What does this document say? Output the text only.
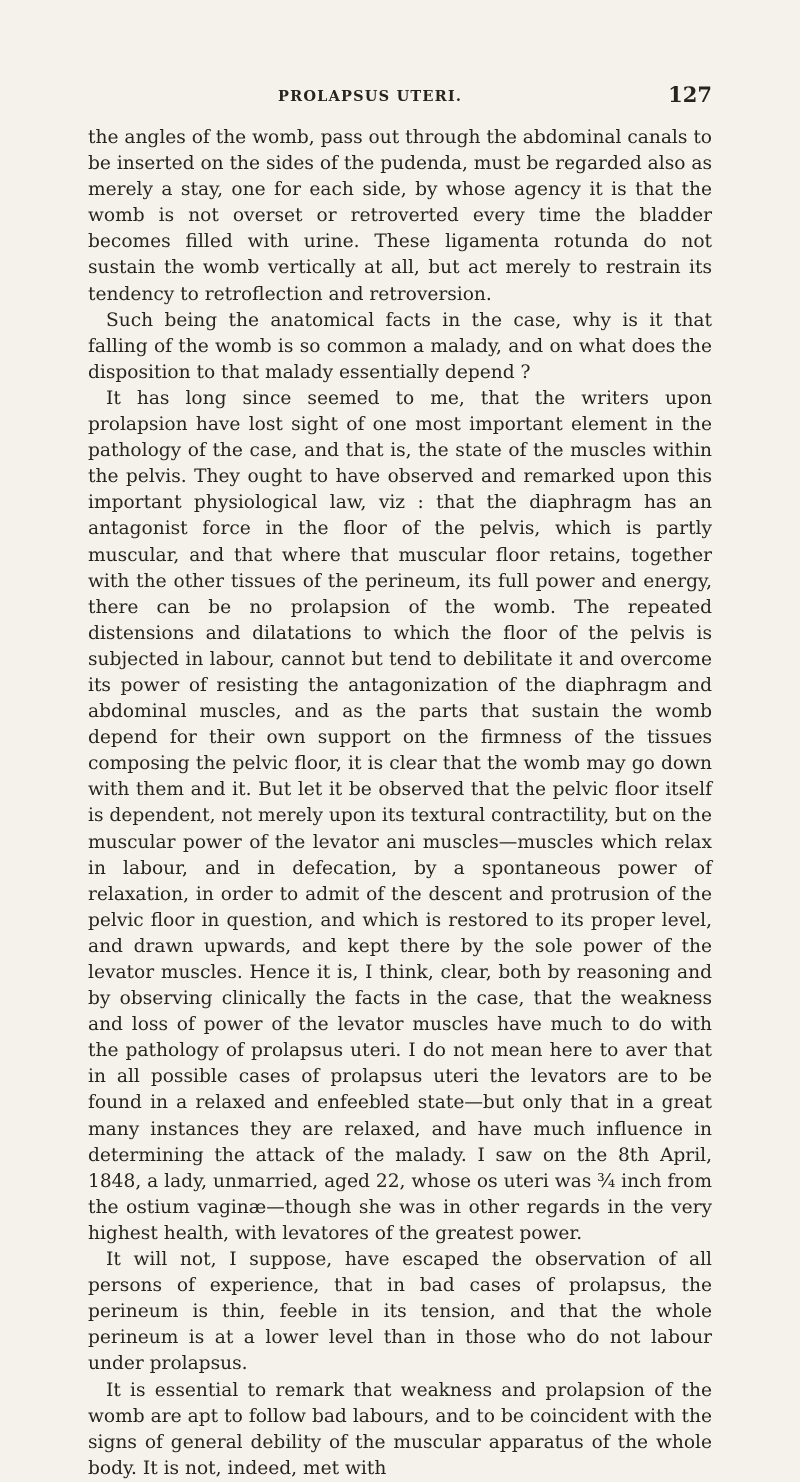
PROLAPSUS UTERI.	127

the angles of the womb, pass out through the abdominal canals to be inserted on the sides of the pudenda, must be regarded also as merely a stay, one for each side, by whose agency it is that the womb is not overset or retroverted every time the bladder becomes filled with urine. These ligamenta rotunda do not sustain the womb vertically at all, but act merely to restrain its tendency to retroflection and retroversion.

Such being the anatomical facts in the case, why is it that falling of the womb is so common a malady, and on what does the disposition to that malady essentially depend ?

It has long since seemed to me, that the writers upon prolapsion have lost sight of one most important element in the pathology of the case, and that is, the state of the muscles within the pelvis. They ought to have observed and remarked upon this important physiological law, viz : that the diaphragm has an antagonist force in the floor of the pelvis, which is partly muscular, and that where that muscular floor retains, together with the other tissues of the perineum, its full power and energy, there can be no prolapsion of the womb. The repeated distensions and dilatations to which the floor of the pelvis is subjected in labour, cannot but tend to debilitate it and overcome its power of resisting the antagonization of the diaphragm and abdominal muscles, and as the parts that sustain the womb depend for their own support on the firmness of the tissues composing the pelvic floor, it is clear that the womb may go down with them and it. But let it be observed that the pelvic floor itself is dependent, not merely upon its textural contractility, but on the muscular power of the levator ani muscles—muscles which relax in labour, and in defecation, by a spontaneous power of relaxation, in order to admit of the descent and protrusion of the pelvic floor in question, and which is restored to its proper level, and drawn upwards, and kept there by the sole power of the levator muscles. Hence it is, I think, clear, both by reasoning and by observing clinically the facts in the case, that the weakness and loss of power of the levator muscles have much to do with the pathology of prolapsus uteri. I do not mean here to aver that in all possible cases of prolapsus uteri the levators are to be found in a relaxed and enfeebled state—but only that in a great many instances they are relaxed, and have much influence in determining the attack of the malady. I saw on the 8th April, 1848, a lady, unmarried, aged 22, whose os uteri was ¾ inch from the ostium vaginæ—though she was in other regards in the very highest health, with levatores of the greatest power.

It will not, I suppose, have escaped the observation of all persons of experience, that in bad cases of prolapsus, the perineum is thin, feeble in its tension, and that the whole perineum is at a lower level than in those who do not labour under prolapsus.

It is essential to remark that weakness and prolapsion of the womb are apt to follow bad labours, and to be coincident with the signs of general debility of the muscular apparatus of the whole body. It is not, indeed, met with
